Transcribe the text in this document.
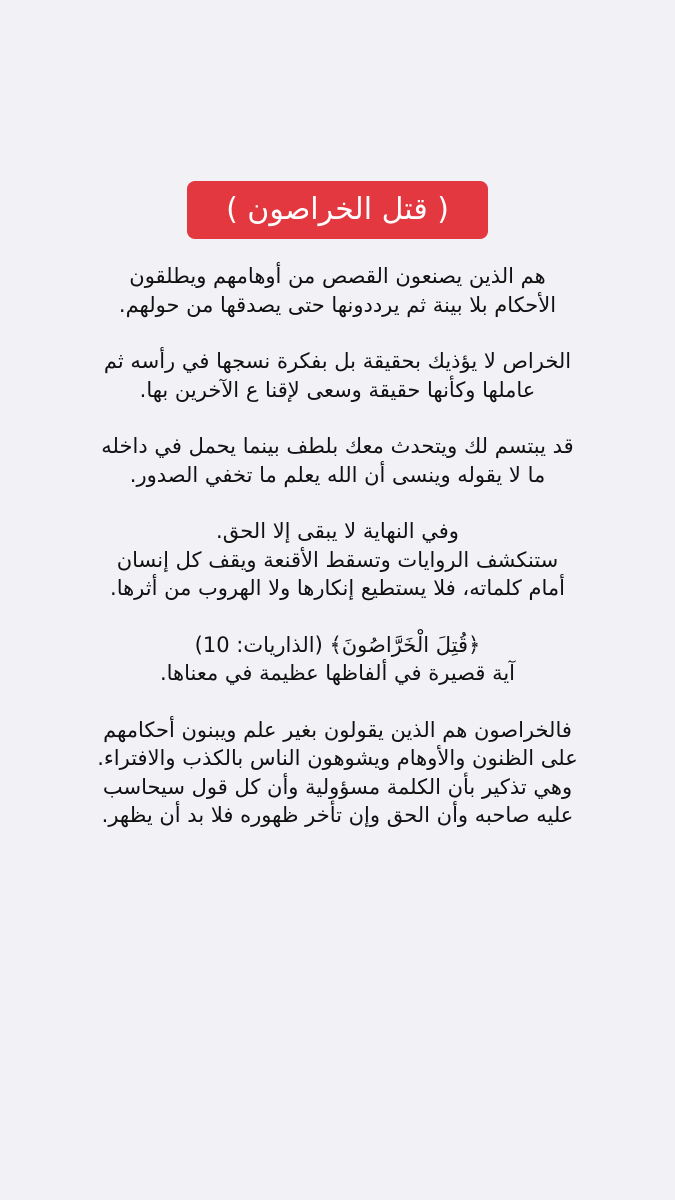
( قتل الخراصون )

هم الذين يصنعون القصص من أوهامهم ويطلقون
الأحكام بلا بينة ثم يرددونها حتى يصدقها من حولهم.

الخراص لا يؤذيك بحقيقة بل بفكرة نسجها في رأسه ثم
عاملها وكأنها حقيقة وسعى لإقنا ع الآخرين بها.

قد يبتسم لك ويتحدث معك بلطف بينما يحمل في داخله
ما لا يقوله وينسى أن الله يعلم ما تخفي الصدور.

وفي النهاية لا يبقى إلا الحق.
ستنكشف الروايات وتسقط الأقنعة ويقف كل إنسان
أمام كلماته، فلا يستطيع إنكارها ولا الهروب من أثرها.

﴿قُتِلَ الْخَرَّاصُونَ﴾ (الذاريات: 10)
آية قصيرة في ألفاظها عظيمة في معناها.

فالخراصون هم الذين يقولون بغير علم ويبنون أحكامهم
على الظنون والأوهام ويشوهون الناس بالكذب والافتراء.
وهي تذكير بأن الكلمة مسؤولية وأن كل قول سيحاسب
عليه صاحبه وأن الحق وإن تأخر ظهوره فلا بد أن يظهر.
